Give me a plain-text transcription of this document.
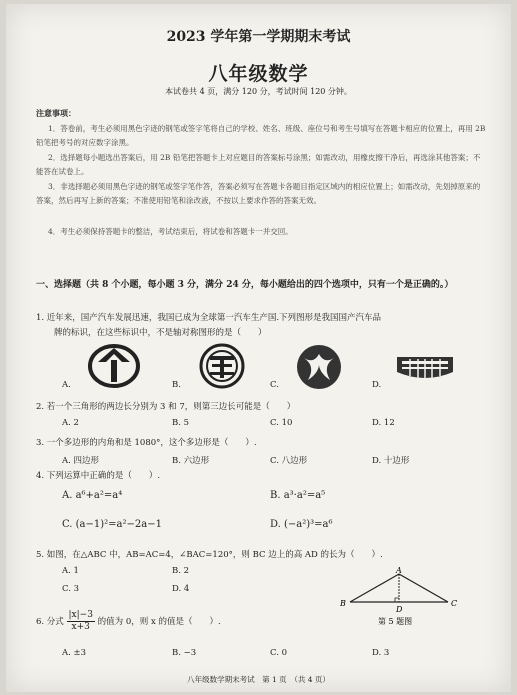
2023 学年第一学期期末考试
八年级数学
本试卷共 4 页，满分 120 分，考试时间 120 分钟。
注意事项：
1．答卷前，考生必须用黑色字迹的钢笔或签字笔将自己的学校、姓名、班级、座位号和考生号填写在答题卡相应的位置上，再用 2B 铅笔把考号的对应数字涂黑。
2．选择题每小题选出答案后，用 2B 铅笔把答题卡上对应题目的答案标号涂黑；如需改动，用橡皮擦干净后，再选涂其他答案；不能答在试卷上。
3．非选择题必须用黑色字迹的钢笔或签字笔作答，答案必须写在答题卡各题目指定区域内的相应位置上；如需改动，先划掉原来的答案，然后再写上新的答案；不准使用铅笔和涂改液，不按以上要求作答的答案无效。
4．考生必须保持答题卡的整洁，考试结束后，将试卷和答题卡一并交回。
一、选择题（共 8 个小题，每小题 3 分，满分 24 分，每小题给出的四个选项中，只有一个是正确的。）
1. 近年来，国产汽车发展迅速，我国已成为全球第一汽车生产国.下列图形是我国国产汽车品
牌的标识，在这些标识中，不是轴对称图形的是（　　）
A.	B.	C.	D.
2. 若一个三角形的两边长分别为 3 和 7，则第三边长可能是（　　）
A. 2	B. 5	C. 10	D. 12
3. 一个多边形的内角和是 1080°，这个多边形是（　　）.
A. 四边形	B. 六边形	C. 八边形	D. 十边形
4. 下列运算中正确的是（　　）.
A. a⁶+a²=a⁴	B. a³·a²=a⁵
C. (a−1)²=a²−2a−1	D. (−a²)³=a⁶
5. 如图，在△ABC 中，AB=AC=4，∠BAC=120°，则 BC 边上的高 AD 的长为（　　）.
A. 1	B. 2
C. 3	D. 4
A
B
D
C
第 5 题图
6. 分式 $\frac{|x|-3}{x+3}$ 的值为 0，则 x 的值是（　　）.
A. ±3	B. −3	C. 0	D. 3
八年级数学期末考试　第 1 页　（共 4 页）
